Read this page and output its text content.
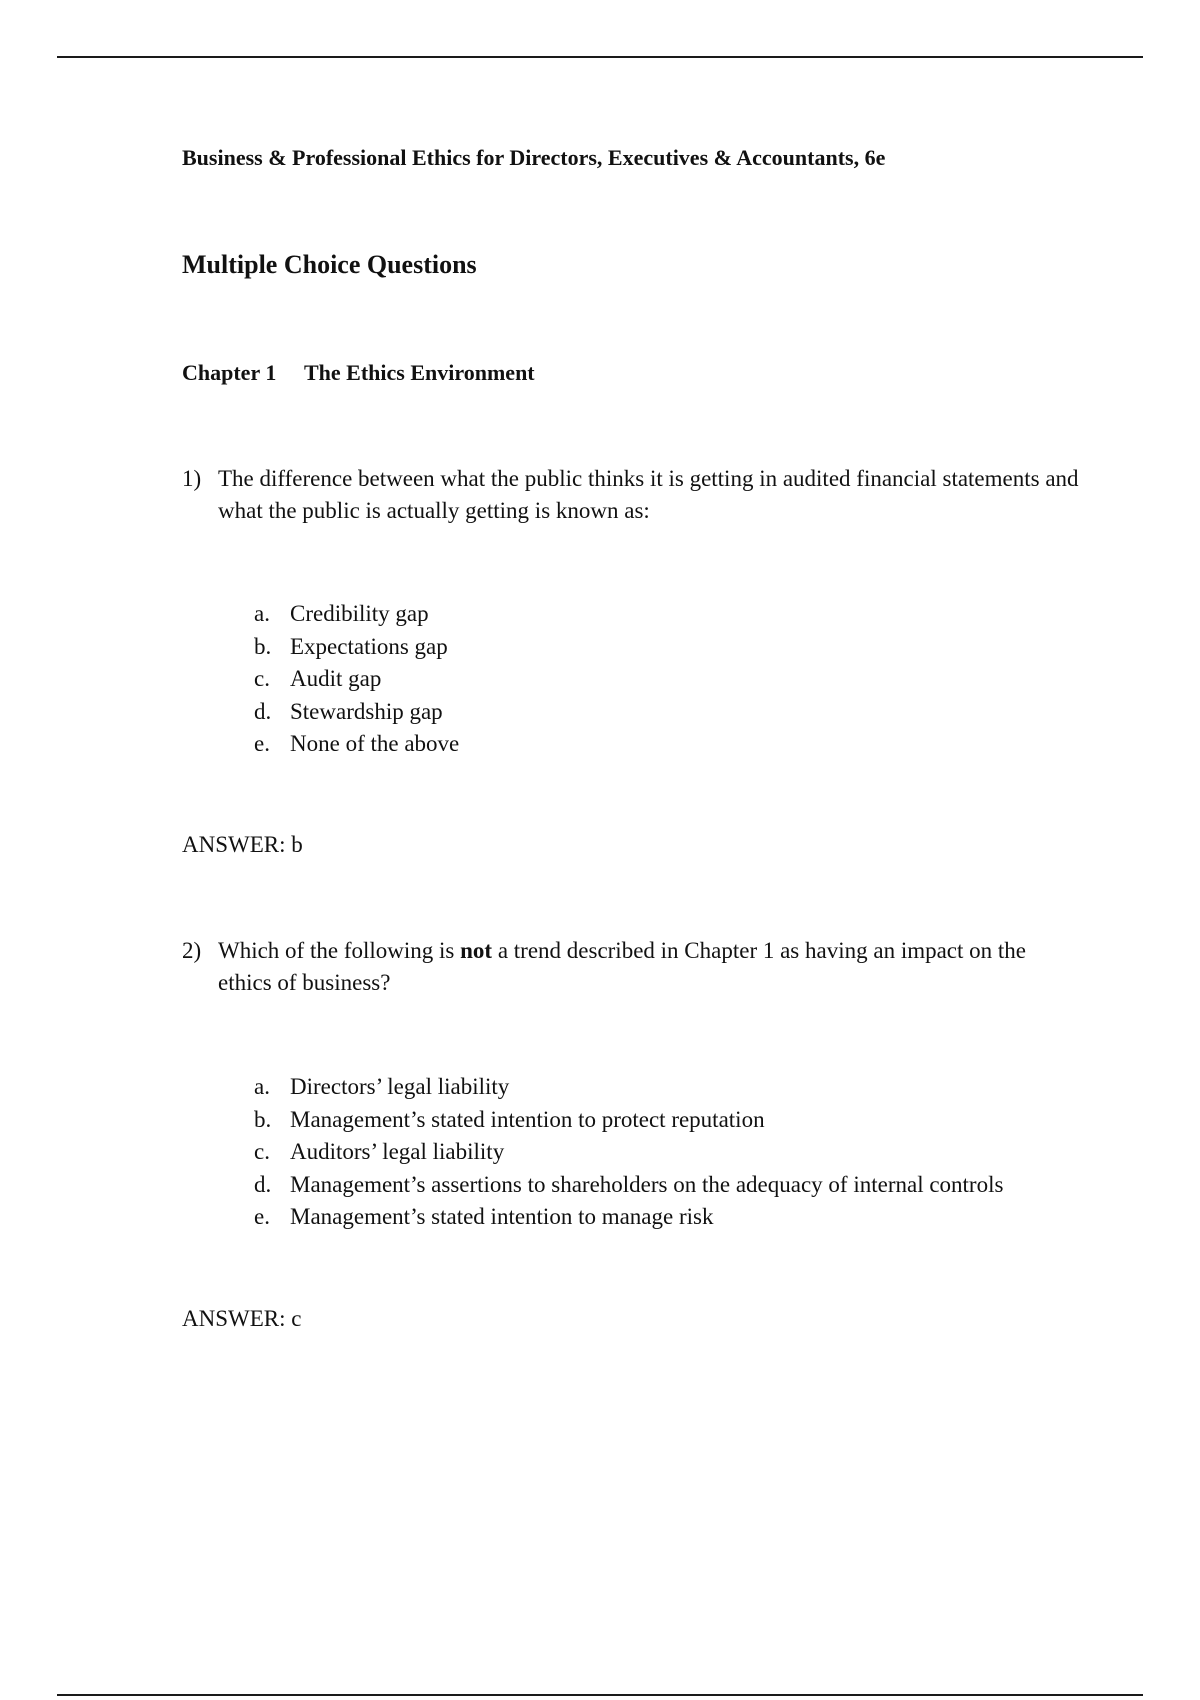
Business & Professional Ethics for Directors, Executives & Accountants, 6e
Multiple Choice Questions
Chapter 1 The Ethics Environment
1) The difference between what the public thinks it is getting in audited financial statements and what the public is actually getting is known as:
a. Credibility gap
b. Expectations gap
c. Audit gap
d. Stewardship gap
e. None of the above
ANSWER: b
2) Which of the following is not a trend described in Chapter 1 as having an impact on the ethics of business?
a. Directors’ legal liability
b. Management’s stated intention to protect reputation
c. Auditors’ legal liability
d. Management’s assertions to shareholders on the adequacy of internal controls
e. Management’s stated intention to manage risk
ANSWER: c
